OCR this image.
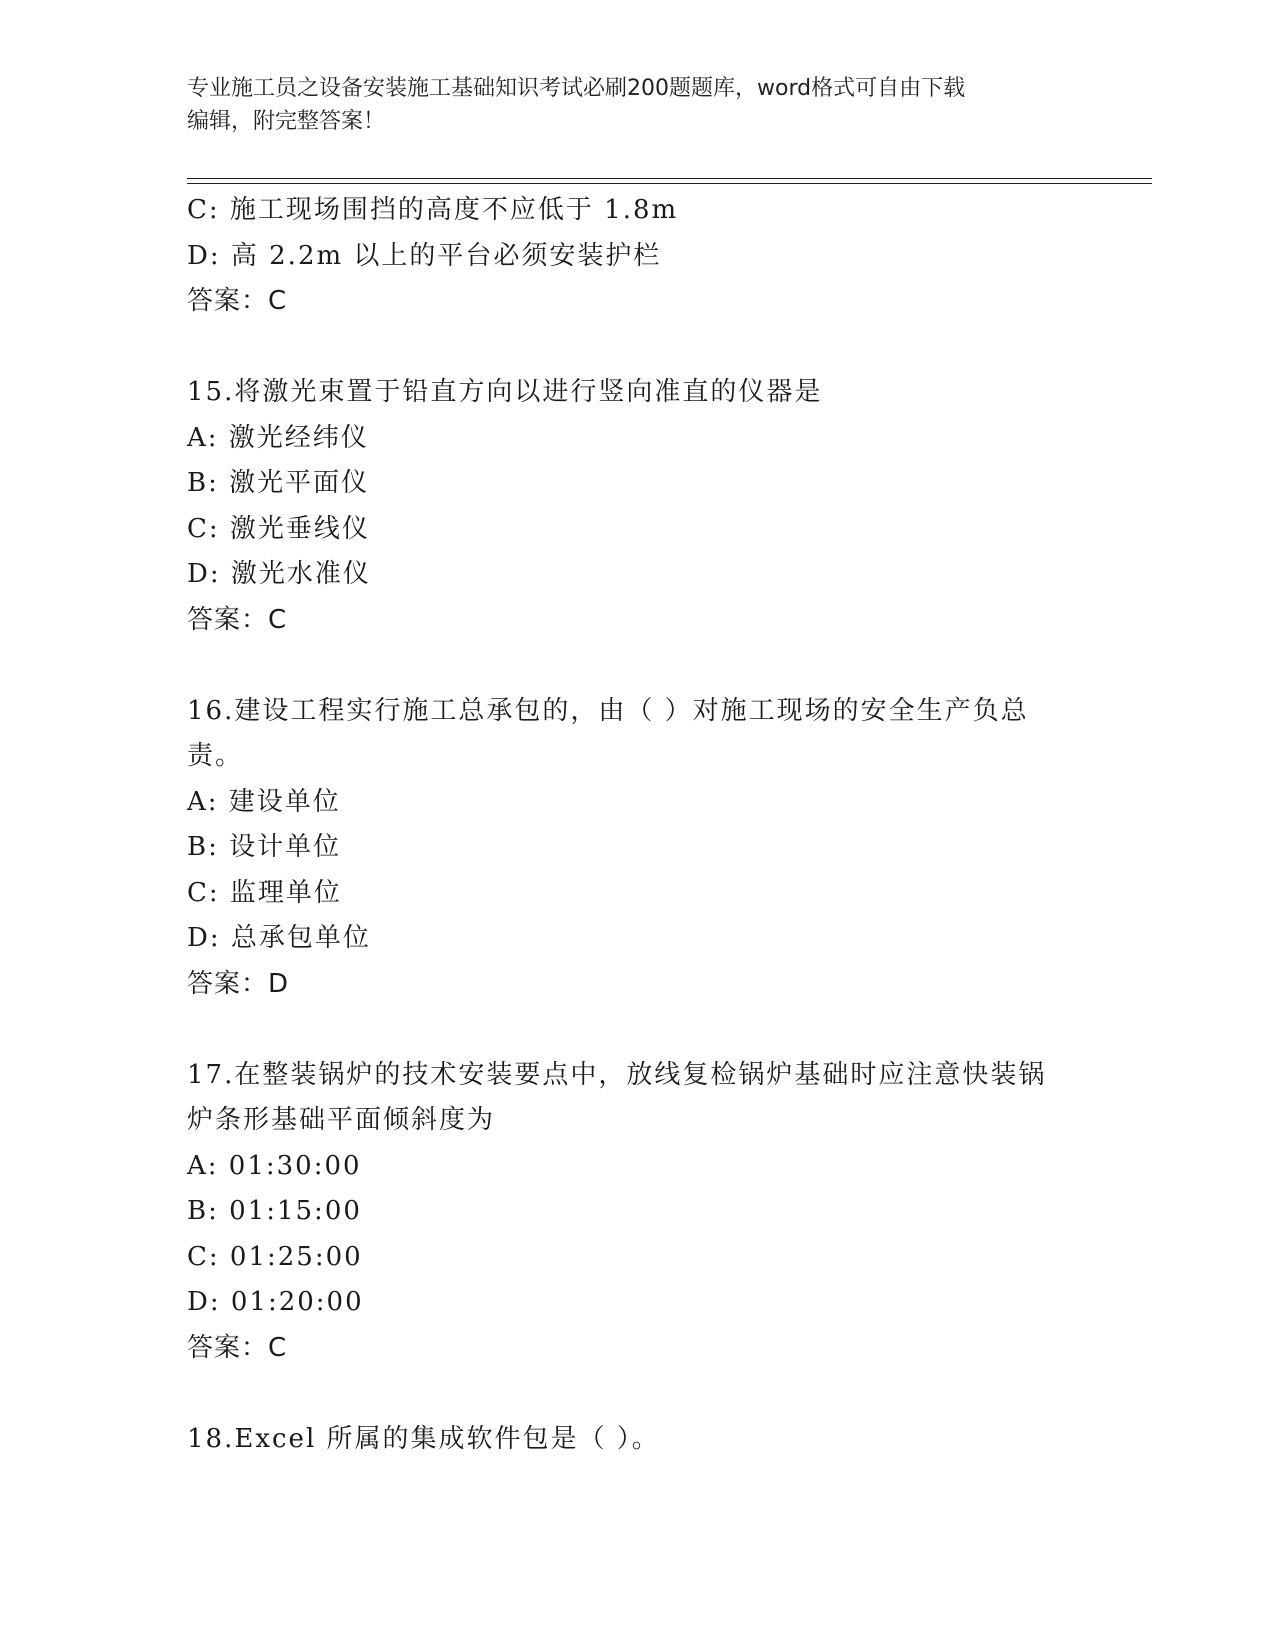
专业施工员之设备安装施工基础知识考试必刷200题题库，word格式可自由下载
编辑，附完整答案！
C: 施工现场围挡的高度不应低于 1.8m
D: 高 2.2m 以上的平台必须安装护栏
答案：C
15.将激光束置于铅直方向以进行竖向准直的仪器是
A: 激光经纬仪
B: 激光平面仪
C: 激光垂线仪
D: 激光水准仪
答案：C
16.建设工程实行施工总承包的，由（ ）对施工现场的安全生产负总
责。
A: 建设单位
B: 设计单位
C: 监理单位
D: 总承包单位
答案：D
17.在整装锅炉的技术安装要点中，放线复检锅炉基础时应注意快装锅
炉条形基础平面倾斜度为
A: 01:30:00
B: 01:15:00
C: 01:25:00
D: 01:20:00
答案：C
18.Excel 所属的集成软件包是（ ）。
